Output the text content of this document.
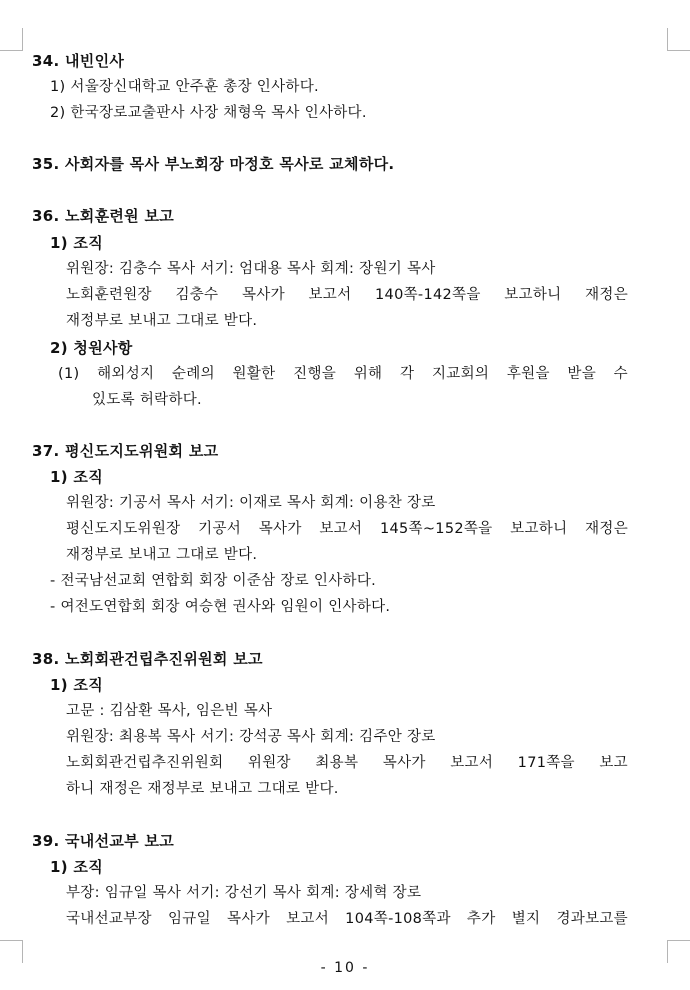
34. 내빈인사
1) 서울장신대학교 안주훈 총장 인사하다.
2) 한국장로교출판사 사장 채형욱 목사 인사하다.
35. 사회자를 목사 부노회장 마정호 목사로 교체하다.
36. 노회훈련원 보고
1) 조직
위원장: 김충수 목사 서기: 엄대용 목사 회계: 장원기 목사
노회훈련원장 김충수 목사가 보고서 140쪽-142쪽을 보고하니 재정은
재정부로 보내고 그대로 받다.
2) 청원사항
(1) 해외성지 순례의 원활한 진행을 위해 각 지교회의 후원을 받을 수
있도록 허락하다.
37. 평신도지도위원회 보고
1) 조직
위원장: 기공서 목사 서기: 이재로 목사 회계: 이용찬 장로
평신도지도위원장 기공서 목사가 보고서 145쪽~152쪽을 보고하니 재정은
재정부로 보내고 그대로 받다.
- 전국남선교회 연합회 회장 이준삼 장로 인사하다.
- 여전도연합회 회장 여승현 권사와 임원이 인사하다.
38. 노회회관건립추진위원회 보고
1) 조직
고문 : 김삼환 목사, 임은빈 목사
위원장: 최용복 목사 서기: 강석공 목사 회계: 김주안 장로
노회회관건립추진위원회 위원장 최용복 목사가 보고서 171쪽을 보고
하니 재정은 재정부로 보내고 그대로 받다.
39. 국내선교부 보고
1) 조직
부장: 임규일 목사 서기: 강선기 목사 회계: 장세혁 장로
국내선교부장 임규일 목사가 보고서 104쪽-108쪽과 추가 별지 경과보고를
- 10 -
